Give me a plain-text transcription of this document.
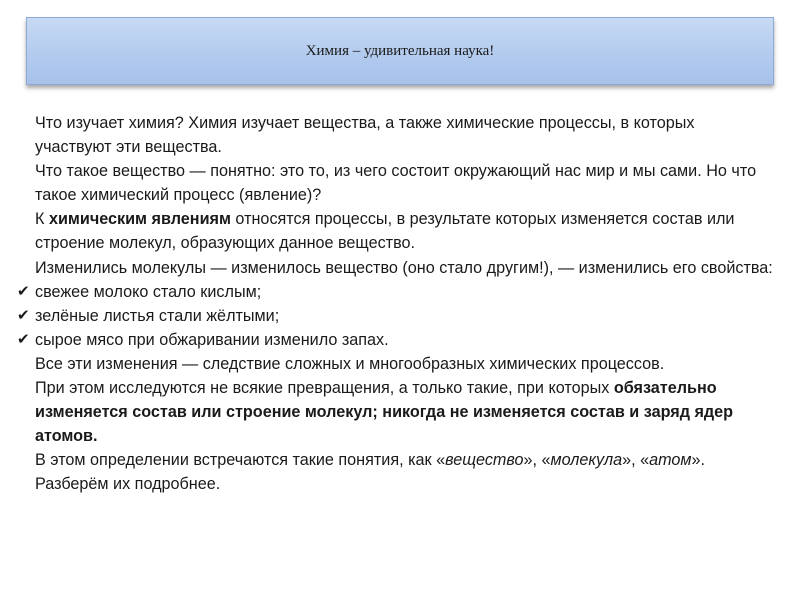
Химия – удивительная наука!

Что изучает химия? Химия изучает вещества, а также химические процессы, в которых участвуют эти вещества.

Что такое вещество — понятно: это то, из чего состоит окружающий нас мир и мы сами. Но что такое химический процесс (явление)?

К химическим явлениям относятся процессы, в результате которых изменяется состав или строение молекул, образующих данное вещество.

Изменились молекулы — изменилось вещество (оно стало другим!), — изменились его свойства:

✔ свежее молоко стало кислым;

✔ зелёные листья стали жёлтыми;

✔ сырое мясо при обжаривании изменило запах.

Все эти изменения — следствие сложных и многообразных химических процессов.

При этом исследуются не всякие превращения, а только такие, при которых обязательно изменяется состав или строение молекул; никогда не изменяется состав и заряд ядер атомов.

В этом определении встречаются такие понятия, как «вещество», «молекула», «атом». Разберём их подробнее.
